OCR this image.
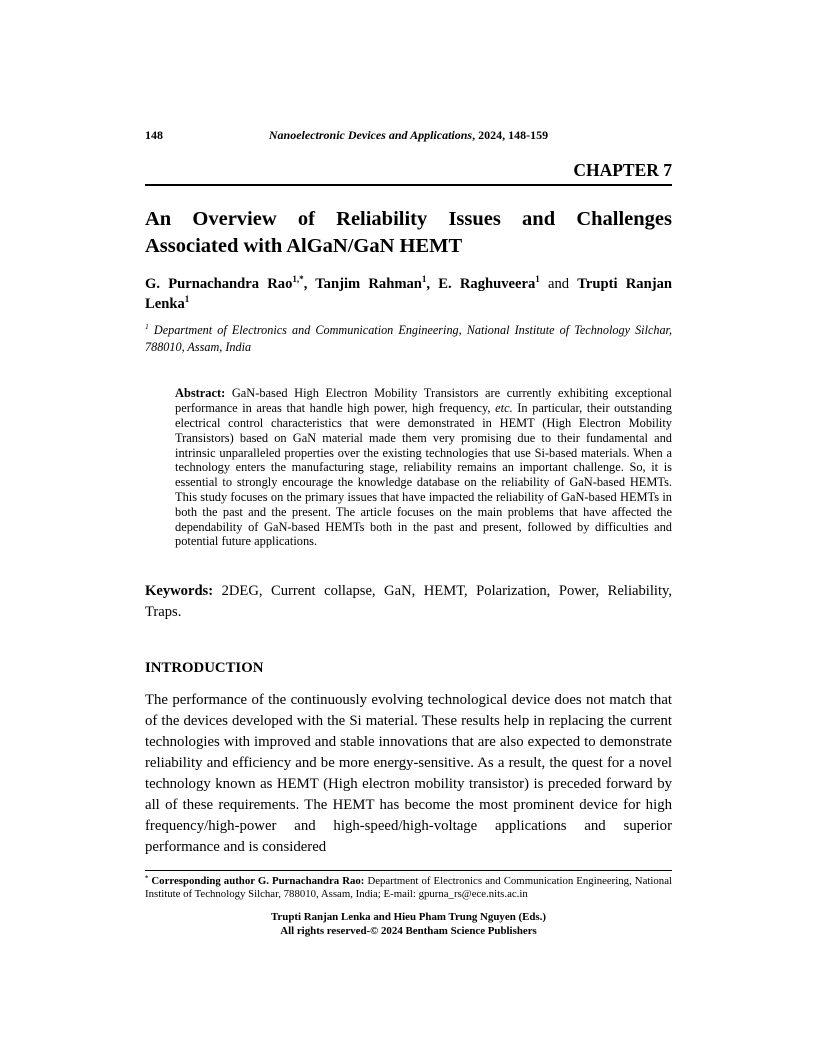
148	Nanoelectronic Devices and Applications, 2024, 148-159
CHAPTER 7
An Overview of Reliability Issues and Challenges Associated with AlGaN/GaN HEMT

G. Purnachandra Rao$^{1,*}$, Tanjim Rahman$^1$, E. Raghuveera$^1$ and Trupti Ranjan Lenka$^1$

$^1$ Department of Electronics and Communication Engineering, National Institute of Technology Silchar, 788010, Assam, India

Abstract: GaN-based High Electron Mobility Transistors are currently exhibiting exceptional performance in areas that handle high power, high frequency, etc. In particular, their outstanding electrical control characteristics that were demonstrated in HEMT (High Electron Mobility Transistors) based on GaN material made them very promising due to their fundamental and intrinsic unparalleled properties over the existing technologies that use Si-based materials. When a technology enters the manufacturing stage, reliability remains an important challenge. So, it is essential to strongly encourage the knowledge database on the reliability of GaN-based HEMTs. This study focuses on the primary issues that have impacted the reliability of GaN-based HEMTs in both the past and the present. The article focuses on the main problems that have affected the dependability of GaN-based HEMTs both in the past and present, followed by difficulties and potential future applications.

Keywords: 2DEG, Current collapse, GaN, HEMT, Polarization, Power, Reliability, Traps.

INTRODUCTION

The performance of the continuously evolving technological device does not match that of the devices developed with the Si material. These results help in replacing the current technologies with improved and stable innovations that are also expected to demonstrate reliability and efficiency and be more energy-sensitive. As a result, the quest for a novel technology known as HEMT (High electron mobility transistor) is preceded forward by all of these requirements. The HEMT has become the most prominent device for high frequency/high-power and high-speed/high-voltage applications and superior performance and is considered

* Corresponding author G. Purnachandra Rao: Department of Electronics and Communication Engineering, National Institute of Technology Silchar, 788010, Assam, India; E-mail: gpurna_rs@ece.nits.ac.in

Trupti Ranjan Lenka and Hieu Pham Trung Nguyen (Eds.)
All rights reserved-© 2024 Bentham Science Publishers
